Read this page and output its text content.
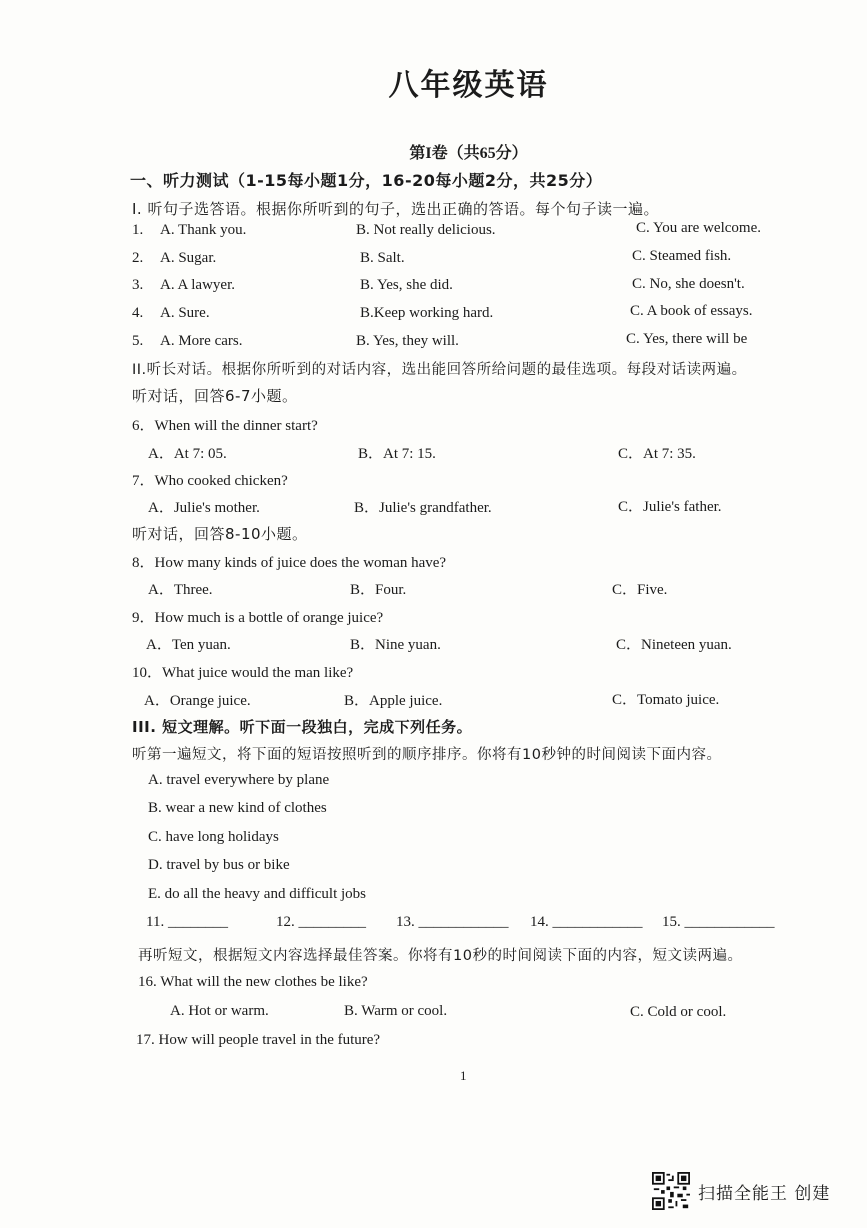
八年级英语
第I卷（共65分）
一、听力测试（1-15每小题1分，16-20每小题2分，共25分）
I. 听句子选答语。根据你所听到的句子，选出正确的答语。每个句子读一遍。
1. A. Thank you.	B. Not really delicious.	C. You are welcome.
2. A. Sugar.	B. Salt.	C. Steamed fish.
3. A. A lawyer.	B. Yes, she did.	C. No, she doesn't.
4. A. Sure.	B.Keep working hard.	C. A book of essays.
5. A. More cars.	B. Yes, they will.	C. Yes, there will be
II.听长对话。根据你所听到的对话内容，选出能回答所给问题的最佳选项。每段对话读两遍。
听对话，回答6-7小题。
6．When will the dinner start?
A．At 7: 05.	B．At 7: 15.	C．At 7: 35.
7．Who cooked chicken?
A．Julie's mother.	B．Julie's grandfather.	C．Julie's father.
听对话，回答8-10小题。
8．How many kinds of juice does the woman have?
A．Three.	B．Four.	C．Five.
9．How much is a bottle of orange juice?
A．Ten yuan.	B．Nine yuan.	C．Nineteen yuan.
10．What juice would the man like?
A．Orange juice.	B．Apple juice.	C．Tomato juice.
III. 短文理解。听下面一段独白，完成下列任务。
听第一遍短文，将下面的短语按照听到的顺序排序。你将有10秒钟的时间阅读下面内容。
A. travel everywhere by plane
B. wear a new kind of clothes
C. have long holidays
D. travel by bus or bike
E. do all the heavy and difficult jobs
11. ________	12. _________ 13. ____________ 14. ____________ 15. ____________
再听短文，根据短文内容选择最佳答案。你将有10秒的时间阅读下面的内容，短文读两遍。
16. What will the new clothes be like?
A. Hot or warm.	B. Warm or cool.	C. Cold or cool.
17. How will people travel in the future?
1
扫描全能王 创建
